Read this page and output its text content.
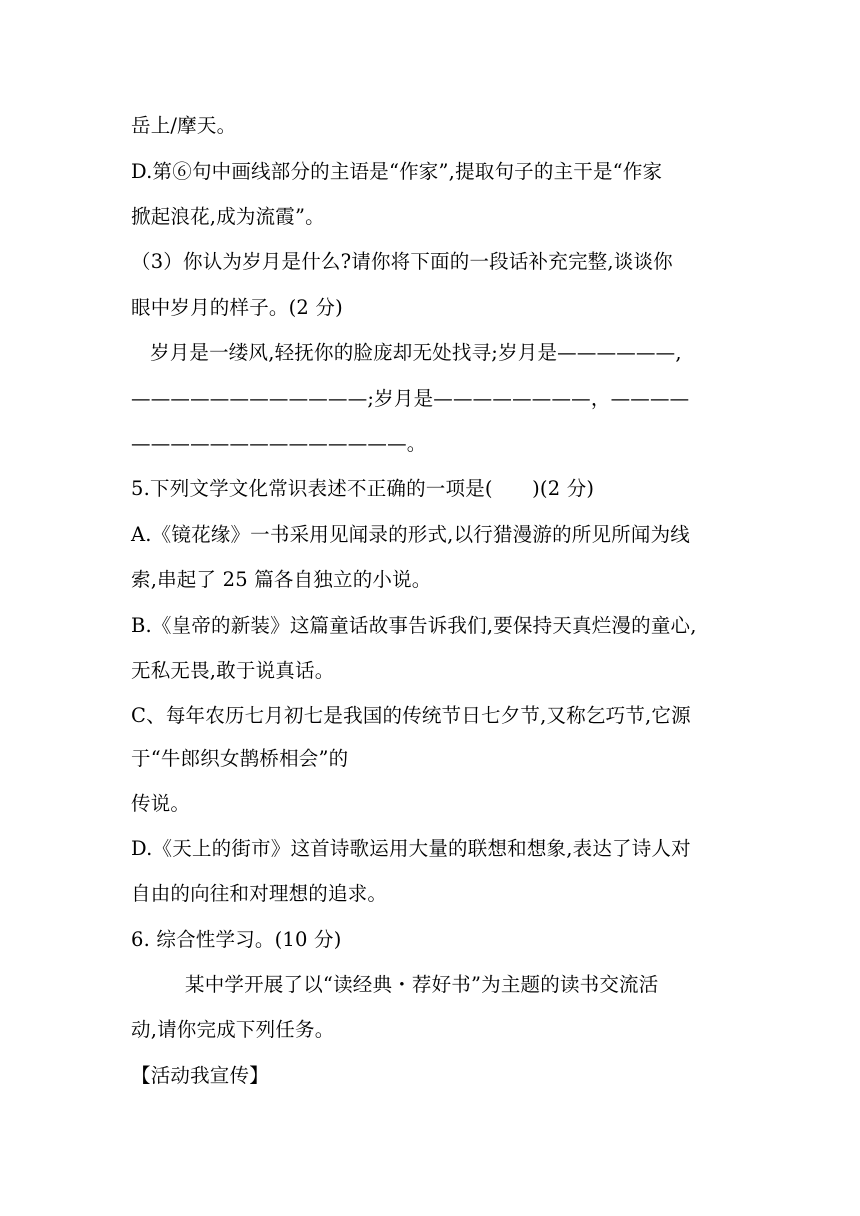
岳上/摩天。
D.第⑥句中画线部分的主语是“作家”,提取句子的主干是“作家
掀起浪花,成为流霞”。
（3）你认为岁月是什么?请你将下面的一段话补充完整,谈谈你
眼中岁月的样子。(2 分)
岁月是一缕风,轻抚你的脸庞却无处找寻;岁月是——————,
————————————;岁月是————————，————
——————————————。
5.下列文学文化常识表述不正确的一项是(　　)(2 分)
A.《镜花缘》一书采用见闻录的形式,以行猎漫游的所见所闻为线
索,串起了 25 篇各自独立的小说。
B.《皇帝的新装》这篇童话故事告诉我们,要保持天真烂漫的童心,
无私无畏,敢于说真话。
C、每年农历七月初七是我国的传统节日七夕节,又称乞巧节,它源
于“牛郎织女鹊桥相会”的
传说。
D.《天上的街市》这首诗歌运用大量的联想和想象,表达了诗人对
自由的向往和对理想的追求。
6. 综合性学习。(10 分)
某中学开展了以“读经典・荐好书”为主题的读书交流活
动,请你完成下列任务。
【活动我宣传】
